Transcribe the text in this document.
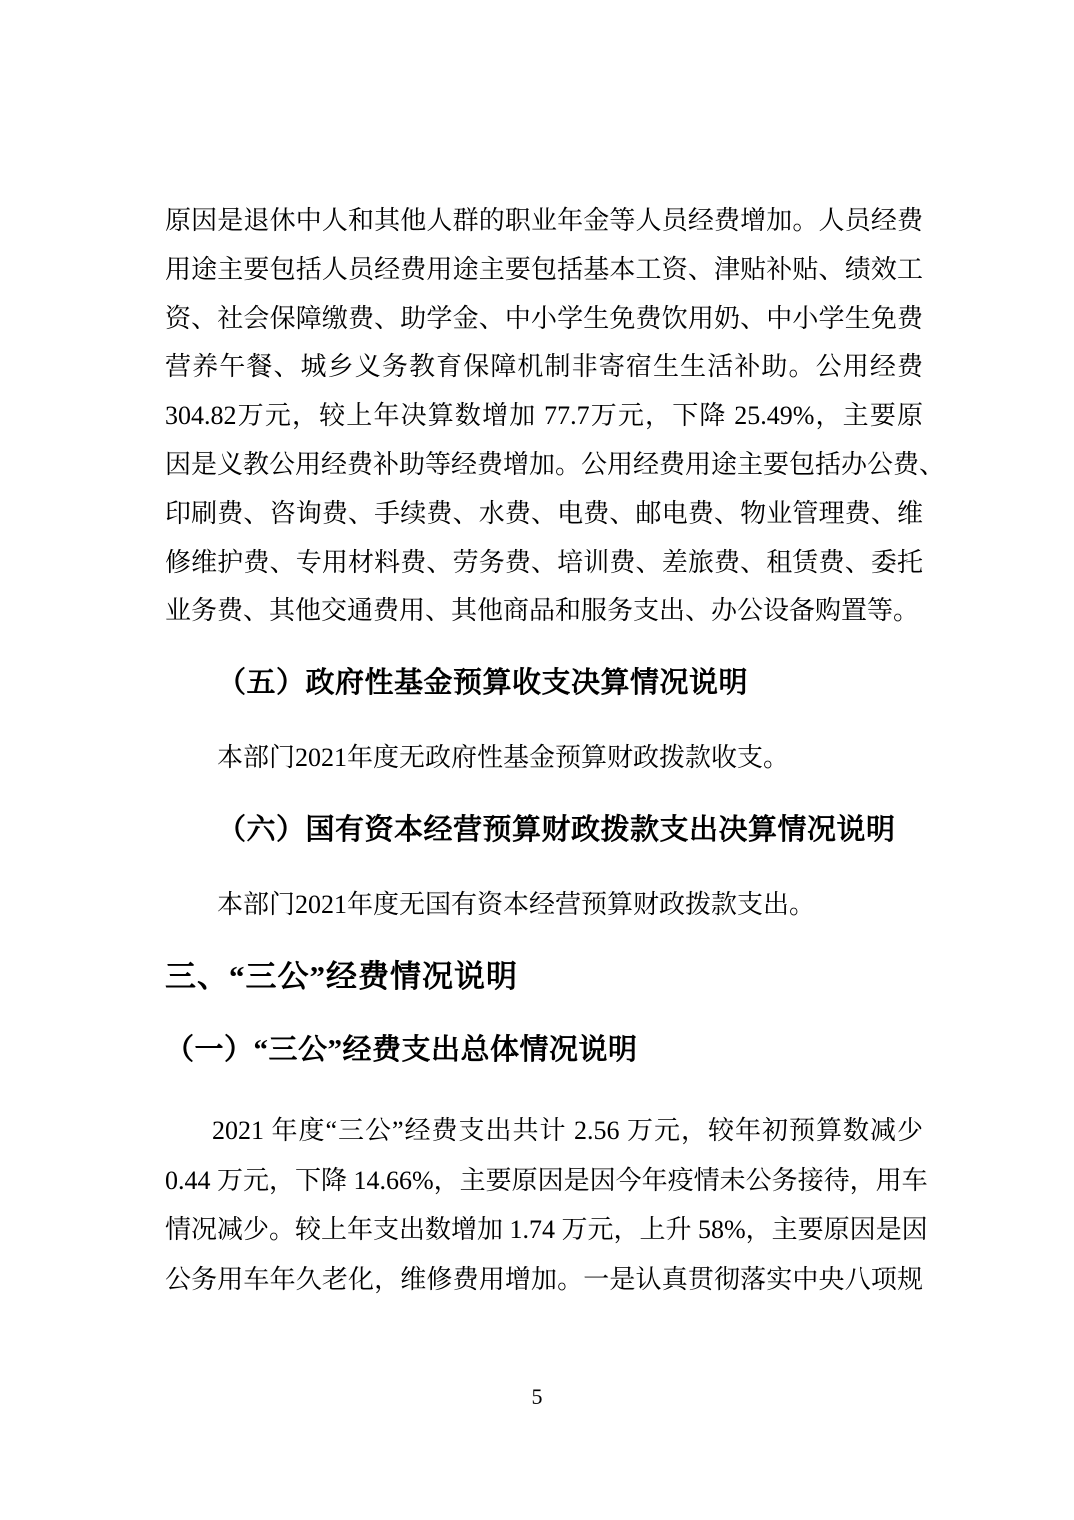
原因是退休中人和其他人群的职业年金等人员经费增加。人员经费
用途主要包括人员经费用途主要包括基本工资、津贴补贴、绩效工
资、社会保障缴费、助学金、中小学生免费饮用奶、中小学生免费
营养午餐、城乡义务教育保障机制非寄宿生生活补助。公用经费
304.82万元，较上年决算数增加 77.7万元，下降 25.49%，主要原
因是义教公用经费补助等经费增加。公用经费用途主要包括办公费、
印刷费、咨询费、手续费、水费、电费、邮电费、物业管理费、维
修维护费、专用材料费、劳务费、培训费、差旅费、租赁费、委托
业务费、其他交通费用、其他商品和服务支出、办公设备购置等。
（五）政府性基金预算收支决算情况说明
本部门2021年度无政府性基金预算财政拨款收支。
（六）国有资本经营预算财政拨款支出决算情况说明
本部门2021年度无国有资本经营预算财政拨款支出。
三、“三公”经费情况说明
（一）“三公”经费支出总体情况说明
2021 年度“三公”经费支出共计 2.56 万元，较年初预算数减少
0.44 万元，下降 14.66%，主要原因是因今年疫情未公务接待，用车
情况减少。较上年支出数增加 1.74 万元，上升 58%，主要原因是因
公务用车年久老化，维修费用增加。一是认真贯彻落实中央八项规
5
